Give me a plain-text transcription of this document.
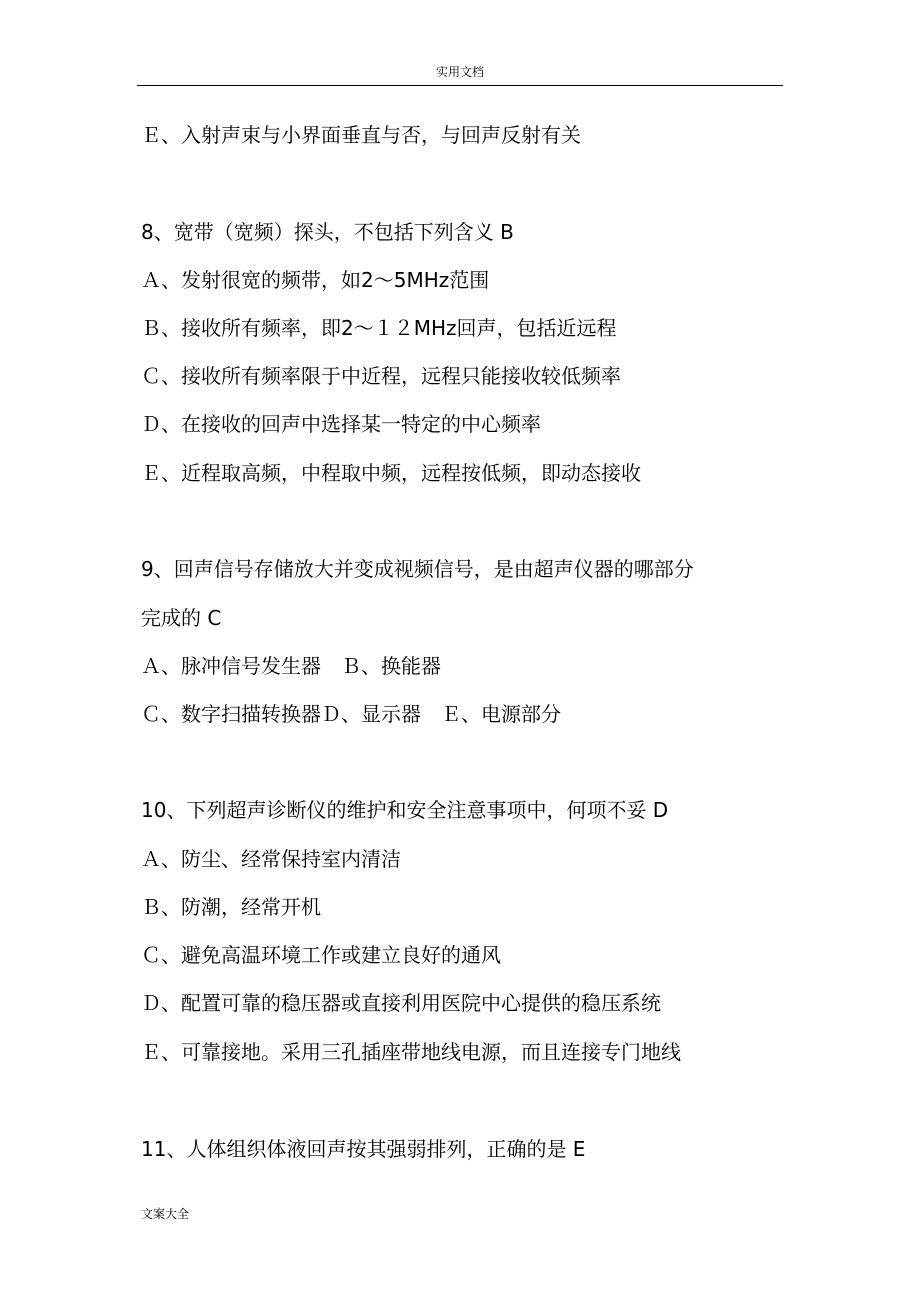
实用文档
Ｅ、入射声束与小界面垂直与否，与回声反射有关
8、宽带（宽频）探头，不包括下列含义 B
Ａ、发射很宽的频带，如2～5MHz范围
Ｂ、接收所有频率，即2～１２MHz回声，包括近远程
Ｃ、接收所有频率限于中近程，远程只能接收较低频率
Ｄ、在接收的回声中选择某一特定的中心频率
Ｅ、近程取高频，中程取中频，远程按低频，即动态接收
9、回声信号存储放大并变成视频信号，是由超声仪器的哪部分
完成的 C
Ａ、脉冲信号发生器　Ｂ、换能器
Ｃ、数字扫描转换器Ｄ、显示器　Ｅ、电源部分
10、下列超声诊断仪的维护和安全注意事项中，何项不妥 D
Ａ、防尘、经常保持室内清洁
Ｂ、防潮，经常开机
Ｃ、避免高温环境工作或建立良好的通风
Ｄ、配置可靠的稳压器或直接利用医院中心提供的稳压系统
Ｅ、可靠接地。采用三孔插座带地线电源，而且连接专门地线
11、人体组织体液回声按其强弱排列，正确的是 E
文案大全
